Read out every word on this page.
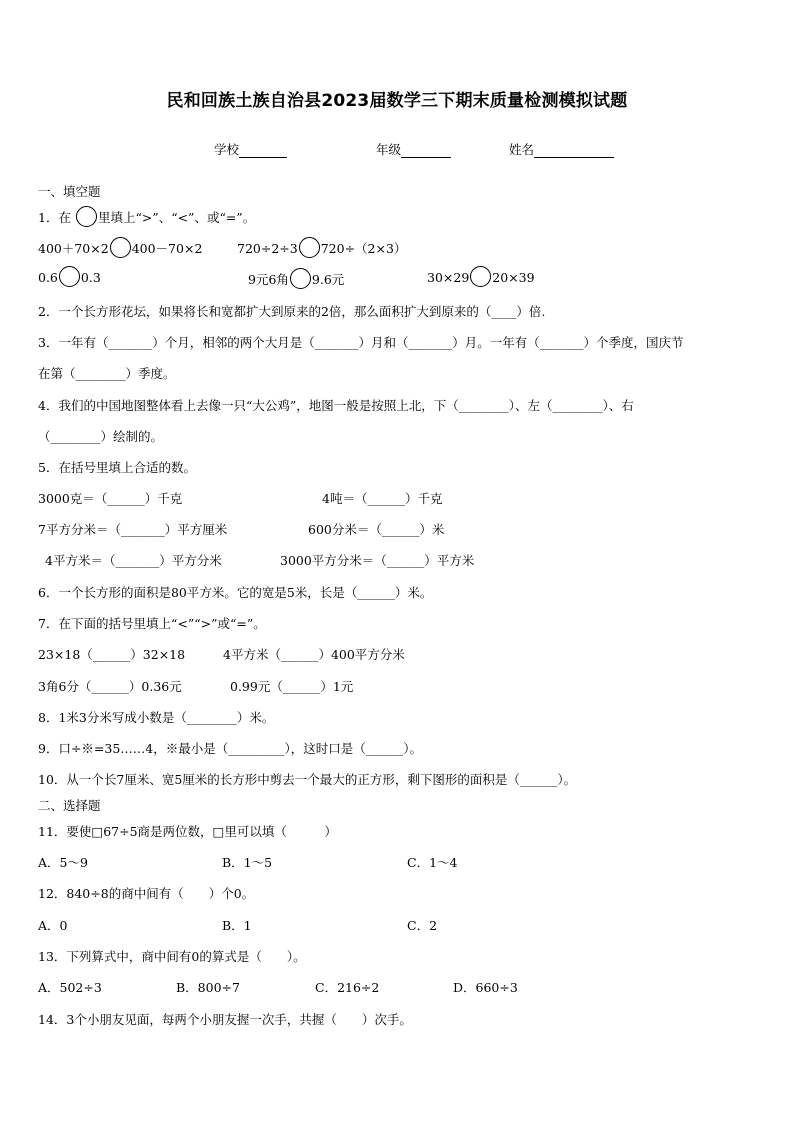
民和回族土族自治县2023届数学三下期末质量检测模拟试题
学校	年级	姓名
一、填空题
1．在 里填上“>”、“<”、或“=”。
400＋70×2 400－70×2	720÷2÷3 720÷（2×3）
0.6 0.3	9元6角 9.6元	30×29 20×39
2．一个长方形花坛，如果将长和宽都扩大到原来的2倍，那么面积扩大到原来的（____）倍.
3．一年有（_______）个月，相邻的两个大月是（_______）月和（_______）月。一年有（_______）个季度，国庆节
在第（________）季度。
4．我们的中国地图整体看上去像一只“大公鸡”，地图一般是按照上北，下（________）、左（________）、右
（________）绘制的。
5．在括号里填上合适的数。
3000克＝（______）千克	4吨＝（______）千克
7平方分米＝（_______）平方厘米	600分米＝（______）米
4平方米＝（_______）平方分米	3000平方分米＝（______）平方米
6．一个长方形的面积是80平方米。它的宽是5米，长是（______）米。
7．在下面的括号里填上“<”“>”或“=”。
23×18（______）32×18	4平方米（______）400平方分米
3角6分（______）0.36元	0.99元（______）1元
8．1米3分米写成小数是（________）米。
9．口÷※=35……4，※最小是（_________），这时口是（______）。
10．从一个长7厘米、宽5厘米的长方形中剪去一个最大的正方形，剩下图形的面积是（______）。
二、选择题
11．要使□67÷5商是两位数，□里可以填（　　　）
A．5～9	B．1～5	C．1～4
12．840÷8的商中间有（　　）个0。
A．0	B．1	C．2
13．下列算式中，商中间有0的算式是（　　）。
A．502÷3	B．800÷7	C．216÷2	D．660÷3
14．3个小朋友见面，每两个小朋友握一次手，共握（　　）次手。
